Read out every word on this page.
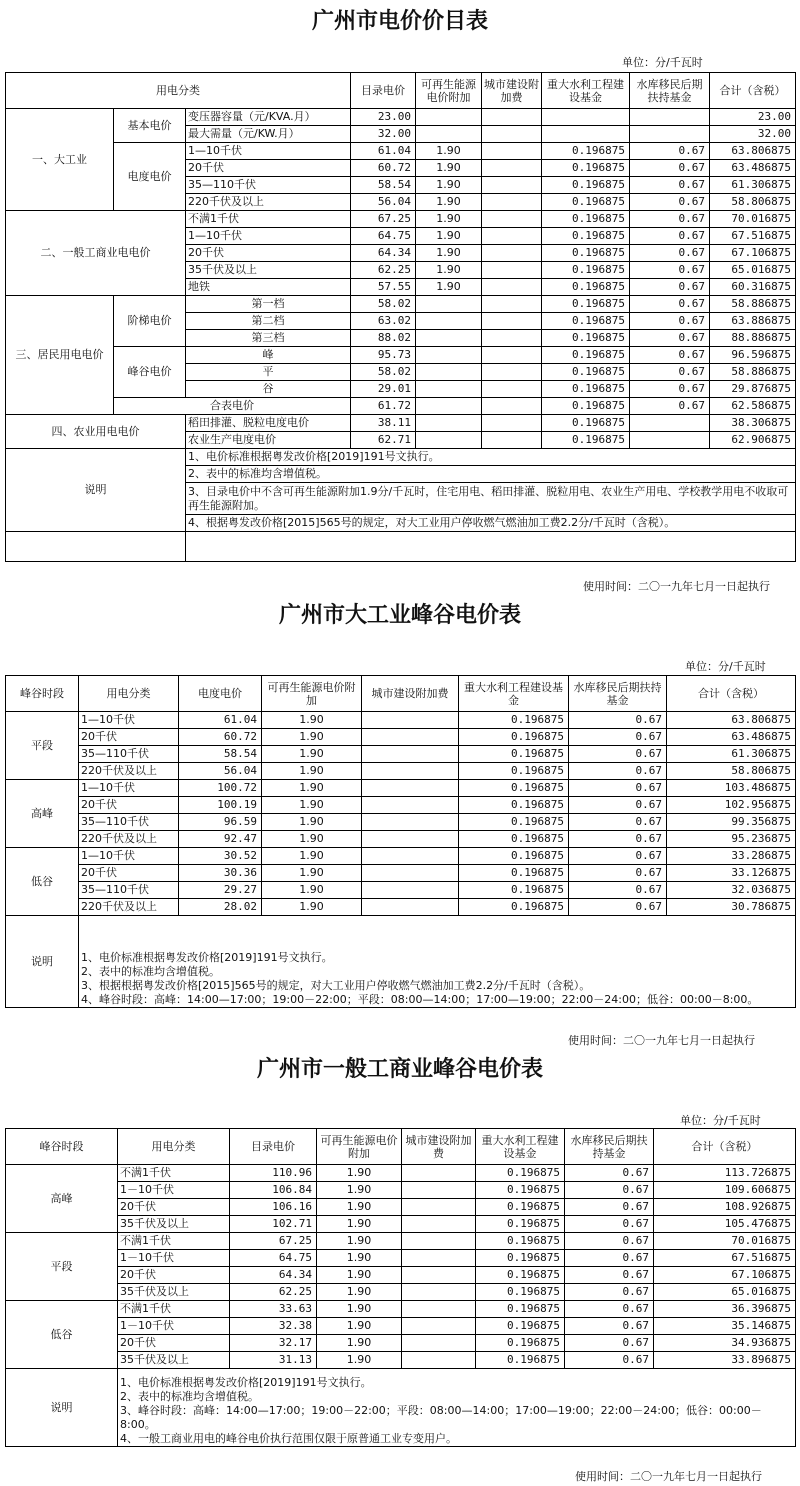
广州市电价价目表
单位：分/千瓦时
用电分类			目录电价	可再生能源电价附加	城市建设附加费	重大水利工程建设基金	水库移民后期扶持基金	合计（含税）
一、大工业	基本电价	变压器容量（元/KVA.月）	23.00					23.00
		最大需量（元/KW.月）	32.00					32.00
	电度电价	1—10千伏	61.04	1.90		0.196875	0.67	63.806875
		20千伏	60.72	1.90		0.196875	0.67	63.486875
		35—110千伏	58.54	1.90		0.196875	0.67	61.306875
		220千伏及以上	56.04	1.90		0.196875	0.67	58.806875
二、一般工商业电电价		不满1千伏	67.25	1.90		0.196875	0.67	70.016875
		1—10千伏	64.75	1.90		0.196875	0.67	67.516875
		20千伏	64.34	1.90		0.196875	0.67	67.106875
		35千伏及以上	62.25	1.90		0.196875	0.67	65.016875
		地铁	57.55	1.90		0.196875	0.67	60.316875
三、居民用电电价	阶梯电价	第一档	58.02			0.196875	0.67	58.886875
		第二档	63.02			0.196875	0.67	63.886875
		第三档	88.02			0.196875	0.67	88.886875
	峰谷电价	峰	95.73			0.196875	0.67	96.596875
		平	58.02			0.196875	0.67	58.886875
		谷	29.01			0.196875	0.67	29.876875
	合表电价		61.72			0.196875	0.67	62.586875
四、农业用电电价		稻田排灌、脱粒电度电价	38.11			0.196875		38.306875
		农业生产电度电价	62.71			0.196875		62.906875
说明		1、电价标准根据粤发改价格[2019]191号文执行。						
		2、表中的标准均含增值税。						
		3、目录电价中不含可再生能源附加1.9分/千瓦时，住宅用电、稻田排灌、脱粒用电、农业生产用电、学校教学用电不收取可再生能源附加。						
		4、根据粤发改价格[2015]565号的规定，对大工业用户停收燃气燃油加工费2.2分/千瓦时（含税）。						

使用时间：二〇一九年七月一日起执行
广州市大工业峰谷电价表
单位：分/千瓦时
峰谷时段	用电分类	电度电价	可再生能源电价附加	城市建设附加费	重大水利工程建设基金	水库移民后期扶持基金	合计（含税）
平段	1—10千伏	61.04	1.90		0.196875	0.67	63.806875
	20千伏	60.72	1.90		0.196875	0.67	63.486875
	35—110千伏	58.54	1.90		0.196875	0.67	61.306875
	220千伏及以上	56.04	1.90		0.196875	0.67	58.806875
高峰	1—10千伏	100.72	1.90		0.196875	0.67	103.486875
	20千伏	100.19	1.90		0.196875	0.67	102.956875
	35—110千伏	96.59	1.90		0.196875	0.67	99.356875
	220千伏及以上	92.47	1.90		0.196875	0.67	95.236875
低谷	1—10千伏	30.52	1.90		0.196875	0.67	33.286875
	20千伏	30.36	1.90		0.196875	0.67	33.126875
	35—110千伏	29.27	1.90		0.196875	0.67	32.036875
	220千伏及以上	28.02	1.90		0.196875	0.67	30.786875
说明	1、电价标准根据粤发改价格[2019]191号文执行。
2、表中的标准均含增值税。
3、根据根据粤发改价格[2015]565号的规定，对大工业用户停收燃气燃油加工费2.2分/千瓦时（含税）。
4、峰谷时段：高峰：14:00—17:00；19:00－22:00；平段：08:00—14:00；17:00—19:00；22:00－24:00；低谷：00:00－8:00。						
使用时间：二〇一九年七月一日起执行
广州市一般工商业峰谷电价表
单位：分/千瓦时
峰谷时段	用电分类	目录电价	可再生能源电价附加	城市建设附加费	重大水利工程建设基金	水库移民后期扶持基金	合计（含税）
高峰	不满1千伏	110.96	1.90		0.196875	0.67	113.726875
	1－10千伏	106.84	1.90		0.196875	0.67	109.606875
	20千伏	106.16	1.90		0.196875	0.67	108.926875
	35千伏及以上	102.71	1.90		0.196875	0.67	105.476875
平段	不满1千伏	67.25	1.90		0.196875	0.67	70.016875
	1－10千伏	64.75	1.90		0.196875	0.67	67.516875
	20千伏	64.34	1.90		0.196875	0.67	67.106875
	35千伏及以上	62.25	1.90		0.196875	0.67	65.016875
低谷	不满1千伏	33.63	1.90		0.196875	0.67	36.396875
	1－10千伏	32.38	1.90		0.196875	0.67	35.146875
	20千伏	32.17	1.90		0.196875	0.67	34.936875
	35千伏及以上	31.13	1.90		0.196875	0.67	33.896875
说明	1、电价标准根据粤发改价格[2019]191号文执行。
2、表中的标准均含增值税。
3、峰谷时段：高峰：14:00—17:00；19:00－22:00；平段：08:00—14:00；17:00—19:00；22:00－24:00；低谷：00:00－8:00。
4、一般工商业用电的峰谷电价执行范围仅限于原普通工业专变用户。						
使用时间：二〇一九年七月一日起执行
